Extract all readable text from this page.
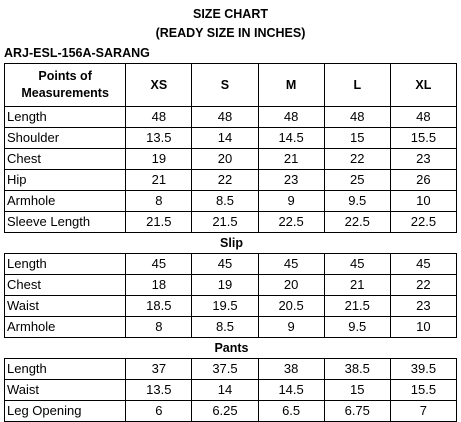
SIZE CHART
(READY SIZE IN INCHES)
ARJ-ESL-156A-SARANG
Points of
Measurements	XS	S	M	L	XL
Length	48	48	48	48	48
Shoulder	13.5	14	14.5	15	15.5
Chest	19	20	21	22	23
Hip	21	22	23	25	26
Armhole	8	8.5	9	9.5	10
Sleeve Length	21.5	21.5	22.5	22.5	22.5
Slip					
Length	45	45	45	45	45
Chest	18	19	20	21	22
Waist	18.5	19.5	20.5	21.5	23
Armhole	8	8.5	9	9.5	10
Pants					
Length	37	37.5	38	38.5	39.5
Waist	13.5	14	14.5	15	15.5
Leg Opening	6	6.25	6.5	6.75	7
